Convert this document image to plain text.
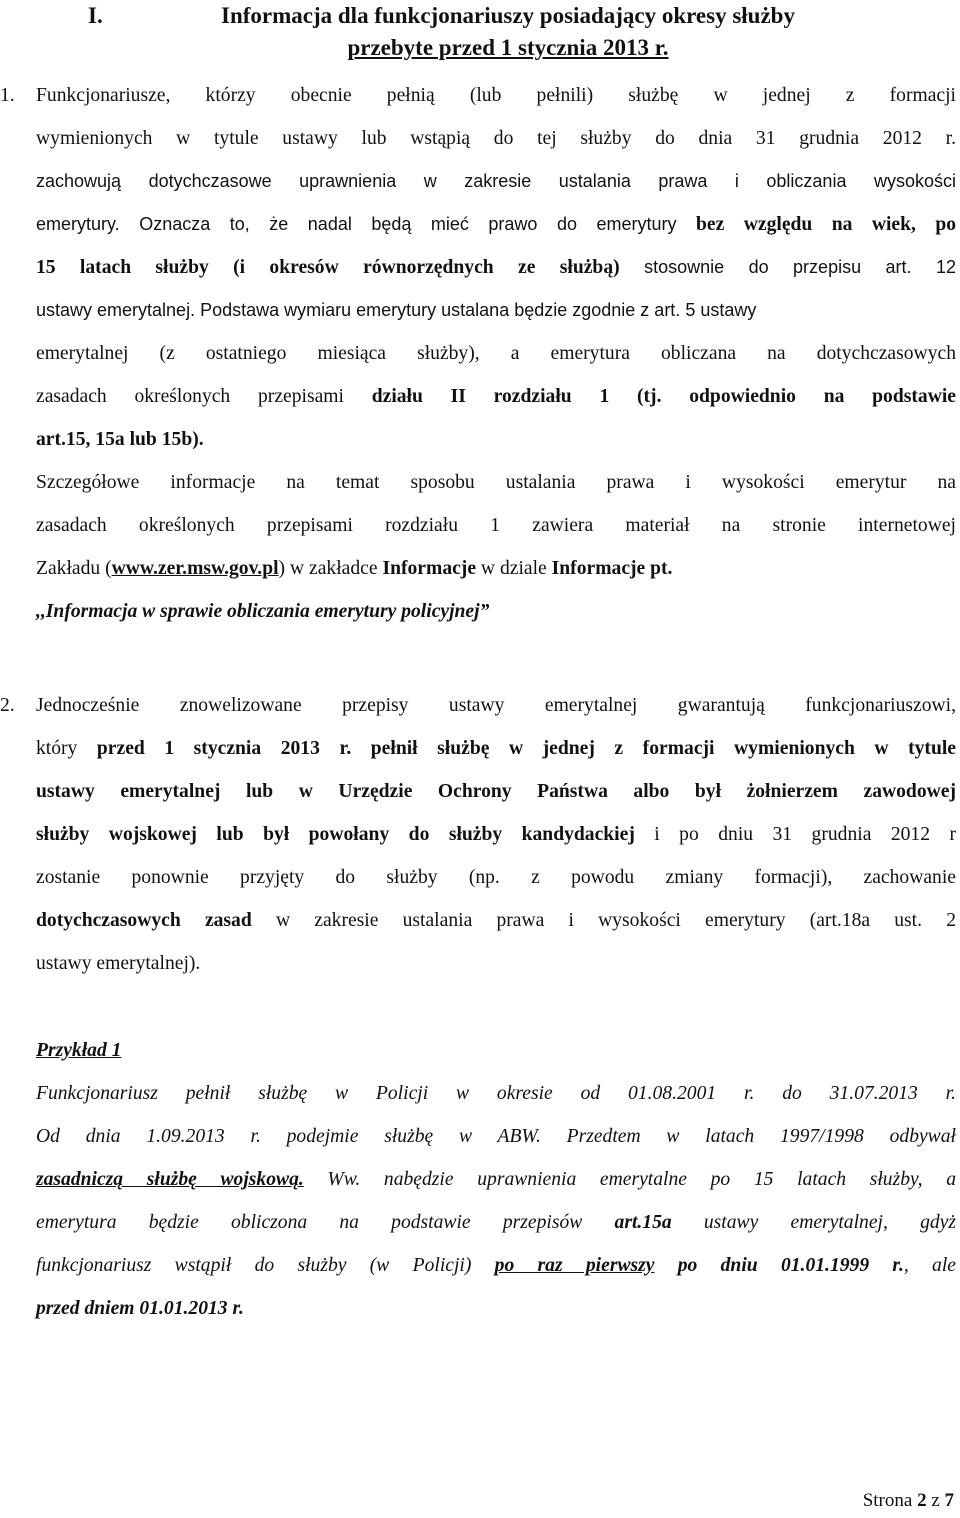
I.	Informacja dla funkcjonariuszy posiadający okresy służby
przebyte przed 1 stycznia 2013 r.
1. Funkcjonariusze, którzy obecnie pełnią (lub pełnili) służbę w jednej z formacji
wymienionych w tytule ustawy lub wstąpią do tej służby do dnia 31 grudnia 2012 r.
zachowują dotychczasowe uprawnienia w zakresie ustalania prawa i obliczania wysokości
emerytury. Oznacza to, że nadal będą mieć prawo do emerytury bez względu na wiek, po
15 latach służby (i okresów równorzędnych ze służbą) stosownie do przepisu art. 12
ustawy emerytalnej. Podstawa wymiaru emerytury ustalana będzie zgodnie z art. 5 ustawy
emerytalnej (z ostatniego miesiąca służby), a emerytura obliczana na dotychczasowych
zasadach określonych przepisami działu II rozdziału 1 (tj. odpowiednio na podstawie
art.15, 15a lub 15b).
Szczegółowe informacje na temat sposobu ustalania prawa i wysokości emerytur na
zasadach określonych przepisami rozdziału 1 zawiera materiał na stronie internetowej
Zakładu (www.zer.msw.gov.pl) w zakładce Informacje w dziale Informacje pt.
,,Informacja w sprawie obliczania emerytury policyjnej”
2. Jednocześnie znowelizowane przepisy ustawy emerytalnej gwarantują funkcjonariuszowi,
który przed 1 stycznia 2013 r. pełnił służbę w jednej z formacji wymienionych w tytule
ustawy emerytalnej lub w Urzędzie Ochrony Państwa albo był żołnierzem zawodowej
służby wojskowej lub był powołany do służby kandydackiej i po dniu 31 grudnia 2012 r
zostanie ponownie przyjęty do służby (np. z powodu zmiany formacji), zachowanie
dotychczasowych zasad w zakresie ustalania prawa i wysokości emerytury (art.18a ust. 2
ustawy emerytalnej).
Przykład 1
Funkcjonariusz pełnił służbę w Policji w okresie od 01.08.2001 r. do 31.07.2013 r.
Od dnia 1.09.2013 r. podejmie służbę w ABW. Przedtem w latach 1997/1998 odbywał
zasadniczą służbę wojskową. Ww. nabędzie uprawnienia emerytalne po 15 latach służby, a
emerytura będzie obliczona na podstawie przepisów art.15a ustawy emerytalnej, gdyż
funkcjonariusz wstąpił do służby (w Policji) po raz pierwszy po dniu 01.01.1999 r., ale
przed dniem 01.01.2013 r.
Strona 2 z 7
